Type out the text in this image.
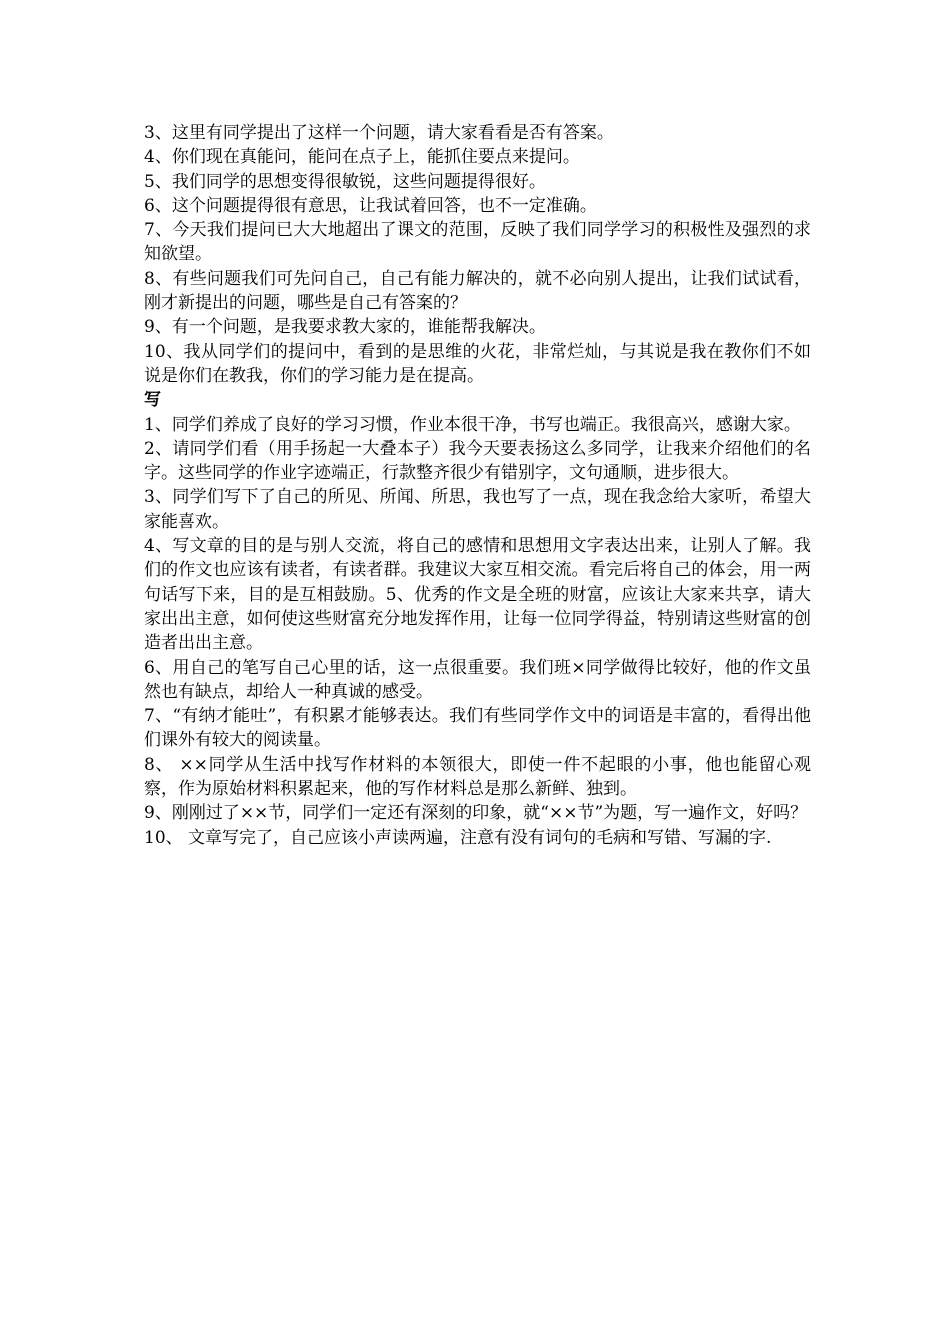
3、这里有同学提出了这样一个问题，请大家看看是否有答案。

4、你们现在真能问，能问在点子上，能抓住要点来提问。

5、我们同学的思想变得很敏锐，这些问题提得很好。

6、这个问题提得很有意思，让我试着回答，也不一定准确。

7、今天我们提问已大大地超出了课文的范围，反映了我们同学学习的积极性及强烈的求知欲望。

8、有些问题我们可先问自己，自己有能力解决的，就不必向别人提出，让我们试试看，刚才新提出的问题，哪些是自己有答案的？

9、有一个问题，是我要求教大家的，谁能帮我解决。

10、我从同学们的提问中，看到的是思维的火花，非常烂灿，与其说是我在教你们不如说是你们在教我，你们的学习能力是在提高。

写

1、同学们养成了良好的学习习惯，作业本很干净，书写也端正。我很高兴，感谢大家。

2、请同学们看（用手扬起一大叠本子）我今天要表扬这么多同学，让我来介绍他们的名字。这些同学的作业字迹端正，行款整齐很少有错别字，文句通顺，进步很大。

3、同学们写下了自己的所见、所闻、所思，我也写了一点，现在我念给大家听，希望大家能喜欢。

4、写文章的目的是与别人交流，将自己的感情和思想用文字表达出来，让别人了解。我们的作文也应该有读者，有读者群。我建议大家互相交流。看完后将自己的体会，用一两句话写下来，目的是互相鼓励。5、优秀的作文是全班的财富，应该让大家来共享，请大家出出主意，如何使这些财富充分地发挥作用，让每一位同学得益，特别请这些财富的创造者出出主意。

6、用自己的笔写自己心里的话，这一点很重要。我们班×同学做得比较好，他的作文虽然也有缺点，却给人一种真诚的感受。

7、“有纳才能吐”，有积累才能够表达。我们有些同学作文中的词语是丰富的，看得出他们课外有较大的阅读量。

8、 ××同学从生活中找写作材料的本领很大，即使一件不起眼的小事，他也能留心观察，作为原始材料积累起来，他的写作材料总是那么新鲜、独到。

9、刚刚过了××节，同学们一定还有深刻的印象，就“××节”为题，写一遍作文，好吗？

10、 文章写完了，自己应该小声读两遍，注意有没有词句的毛病和写错、写漏的字.
